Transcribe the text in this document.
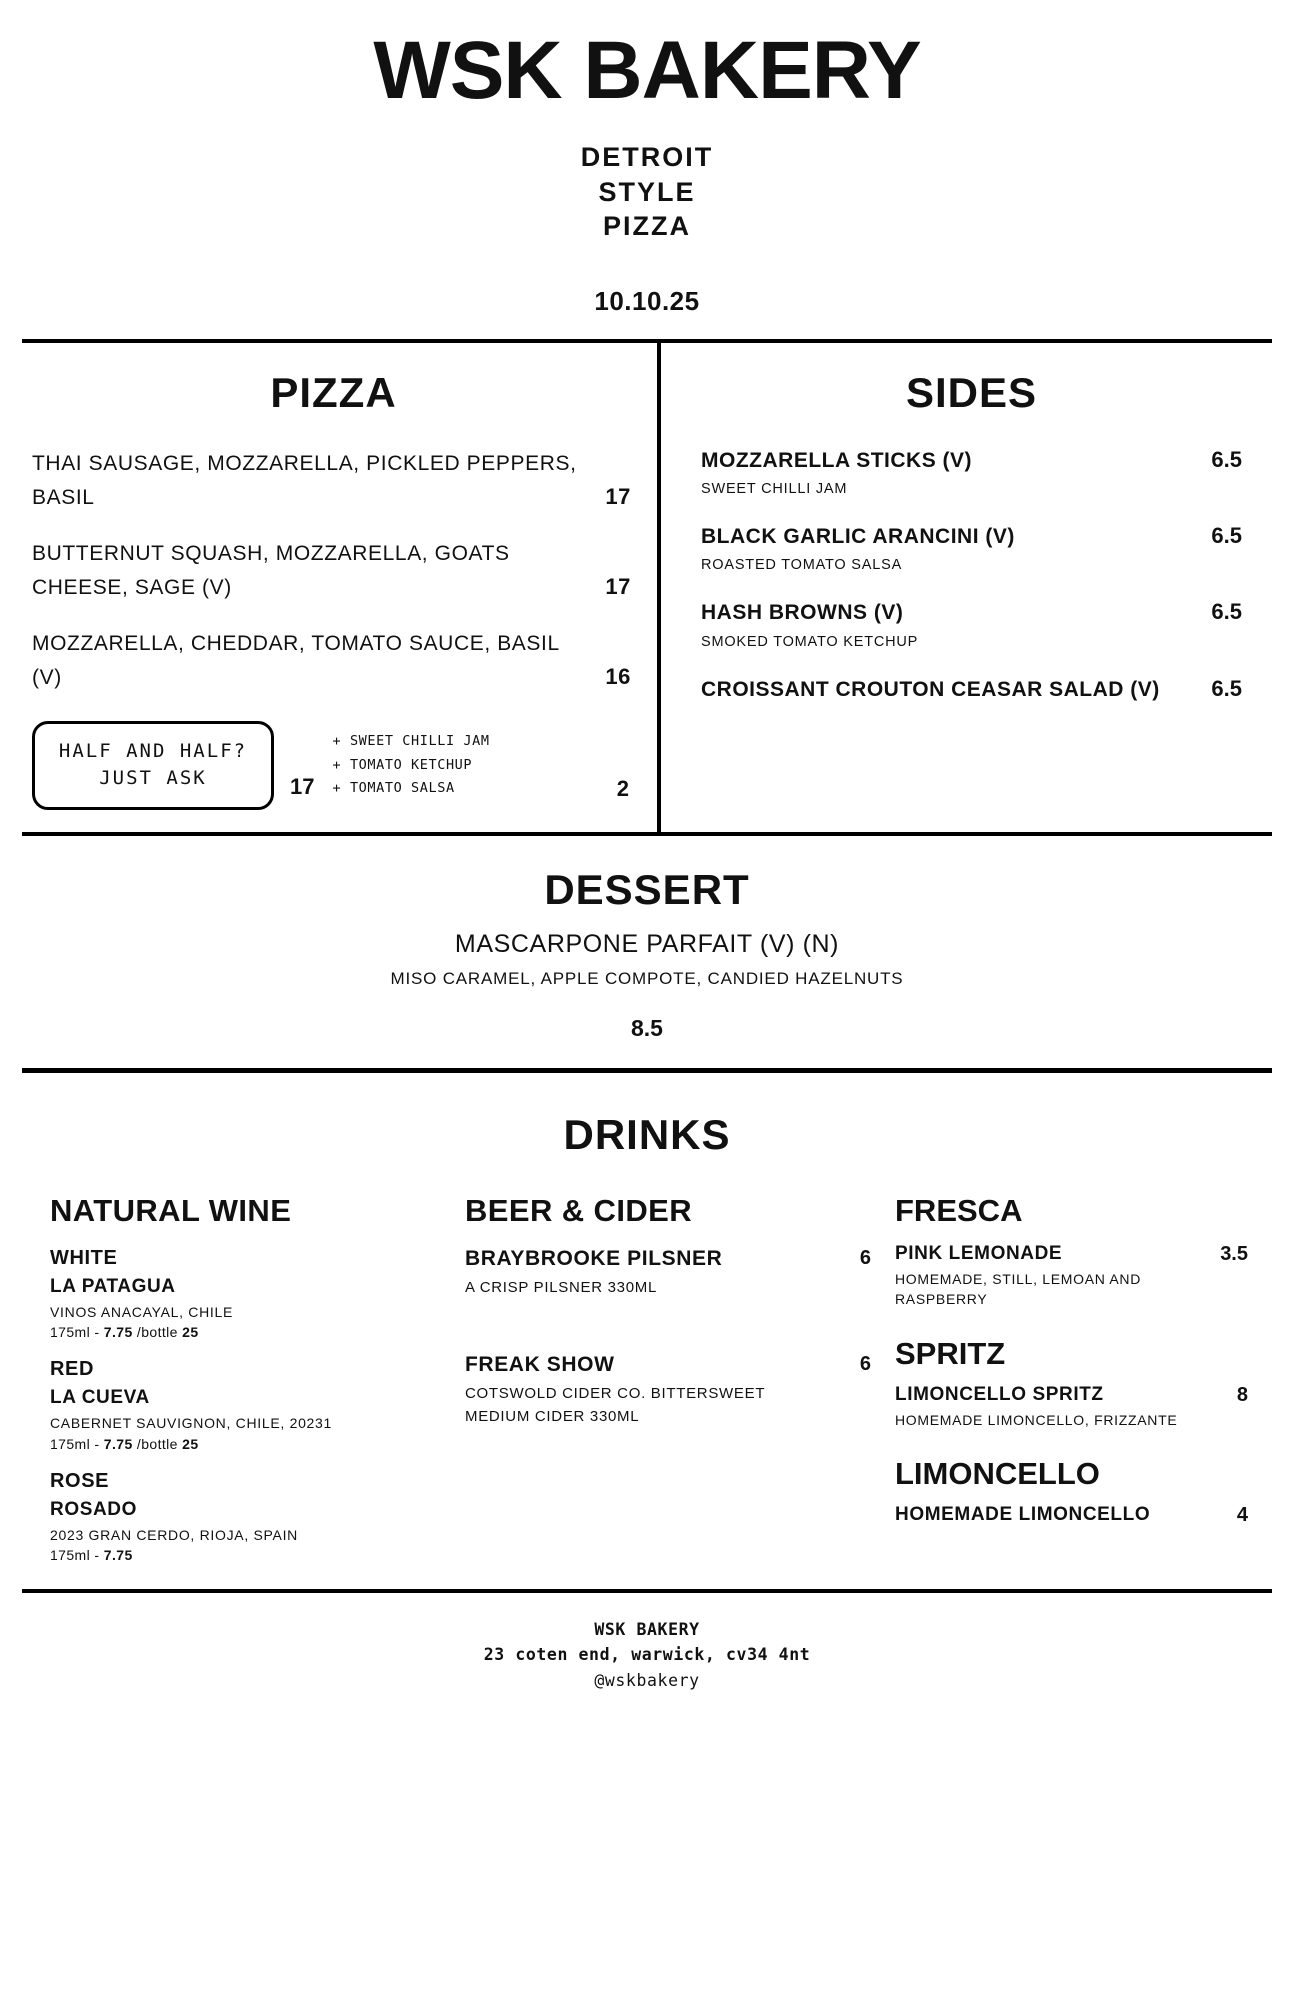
WSK BAKERY
DETROIT
STYLE
PIZZA
10.10.25
PIZZA
THAI SAUSAGE, MOZZARELLA, PICKLED PEPPERS, BASIL	17
BUTTERNUT SQUASH, MOZZARELLA, GOATS CHEESE, SAGE (V)	17
MOZZARELLA, CHEDDAR, TOMATO SAUCE, BASIL (V)	16
HALF AND HALF?
JUST ASK	17
+ SWEET CHILLI JAM
+ TOMATO KETCHUP
+ TOMATO SALSA	2
SIDES
MOZZARELLA STICKS (V)
SWEET CHILLI JAM
6.5
BLACK GARLIC ARANCINI (V)
ROASTED TOMATO SALSA
6.5
HASH BROWNS (V)
SMOKED TOMATO KETCHUP
6.5
CROISSANT CROUTON CEASAR SALAD (V)	6.5
DESSERT
MASCARPONE PARFAIT (V) (N)
MISO CARAMEL, APPLE COMPOTE, CANDIED HAZELNUTS
8.5
DRINKS
NATURAL WINE
WHITE
LA PATAGUA
VINOS ANACAYAL, CHILE
175ml - 7.75 /bottle 25
RED
LA CUEVA
CABERNET SAUVIGNON, CHILE, 20231
175ml - 7.75 /bottle 25
ROSE
ROSADO
2023 GRAN CERDO, RIOJA, SPAIN
175ml - 7.75
BEER & CIDER
BRAYBROOKE PILSNER
A CRISP PILSNER 330ML
6
FREAK SHOW
COTSWOLD CIDER CO. BITTERSWEET MEDIUM CIDER 330ML
6
FRESCA
PINK LEMONADE
HOMEMADE, STILL, LEMOAN AND RASPBERRY
3.5
SPRITZ
LIMONCELLO SPRITZ
HOMEMADE LIMONCELLO, FRIZZANTE
8
LIMONCELLO
HOMEMADE LIMONCELLO	4
WSK BAKERY
23 coten end, warwick, cv34 4nt
@wskbakery
